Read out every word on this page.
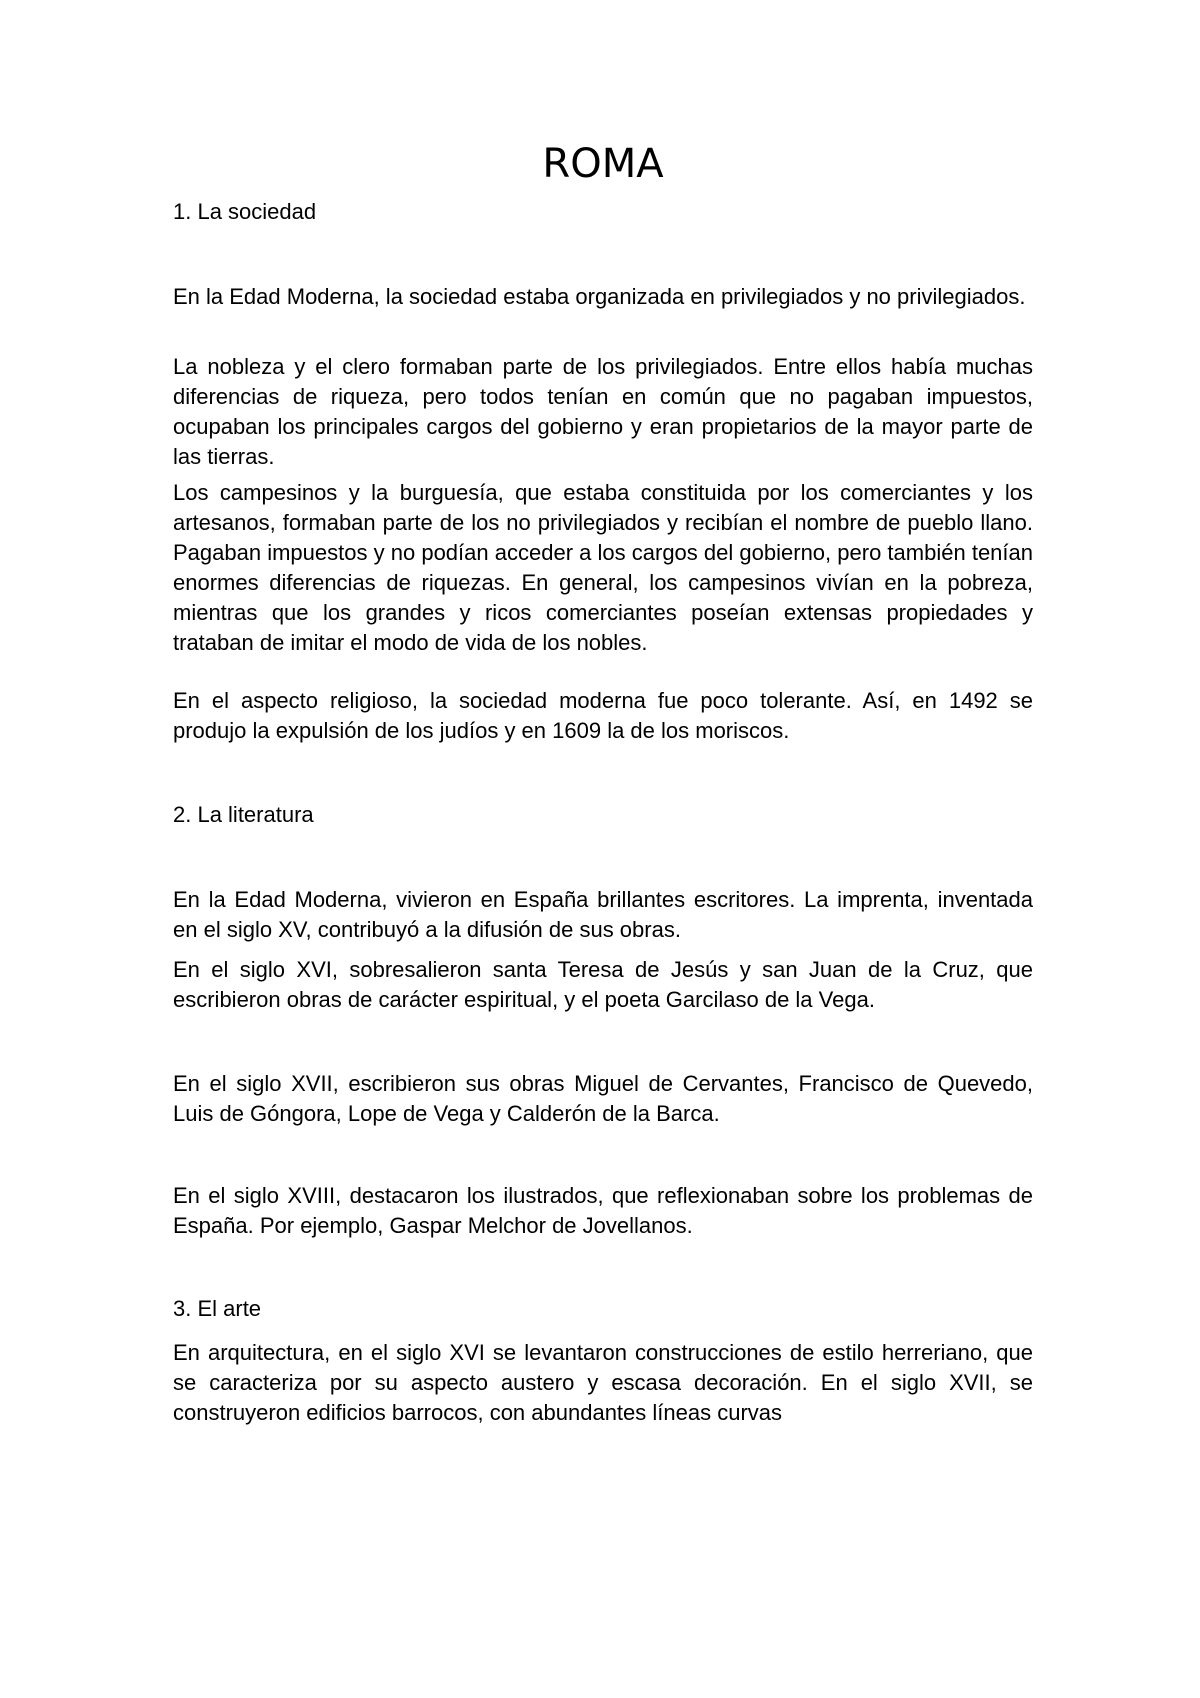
ROMA
1. La sociedad

En la Edad Moderna, la sociedad estaba organizada en privilegiados y no privilegiados.

La nobleza y el clero formaban parte de los privilegiados. Entre ellos había muchas diferencias de riqueza, pero todos tenían en común que no pagaban impuestos, ocupaban los principales cargos del gobierno y eran propietarios de la mayor parte de las tierras.

Los campesinos y la burguesía, que estaba constituida por los comerciantes y los artesanos, formaban parte de los no privilegiados y recibían el nombre de pueblo llano. Pagaban impuestos y no podían acceder a los cargos del gobierno, pero también tenían enormes diferencias de riquezas. En general, los campesinos vivían en la pobreza, mientras que los grandes y ricos comerciantes poseían extensas propiedades y trataban de imitar el modo de vida de los nobles.

En el aspecto religioso, la sociedad moderna fue poco tolerante. Así, en 1492 se produjo la expulsión de los judíos y en 1609 la de los moriscos.

2. La literatura

En la Edad Moderna, vivieron en España brillantes escritores. La imprenta, inventada en el siglo XV, contribuyó a la difusión de sus obras.

En el siglo XVI, sobresalieron santa Teresa de Jesús y san Juan de la Cruz, que escribieron obras de carácter espiritual, y el poeta Garcilaso de la Vega.

En el siglo XVII, escribieron sus obras Miguel de Cervantes, Francisco de Quevedo, Luis de Góngora, Lope de Vega y Calderón de la Barca.

En el siglo XVIII, destacaron los ilustrados, que reflexionaban sobre los problemas de España. Por ejemplo, Gaspar Melchor de Jovellanos.

3. El arte

En arquitectura, en el siglo XVI se levantaron construcciones de estilo herreriano, que se caracteriza por su aspecto austero y escasa decoración. En el siglo XVII, se construyeron edificios barrocos, con abundantes líneas curvas
